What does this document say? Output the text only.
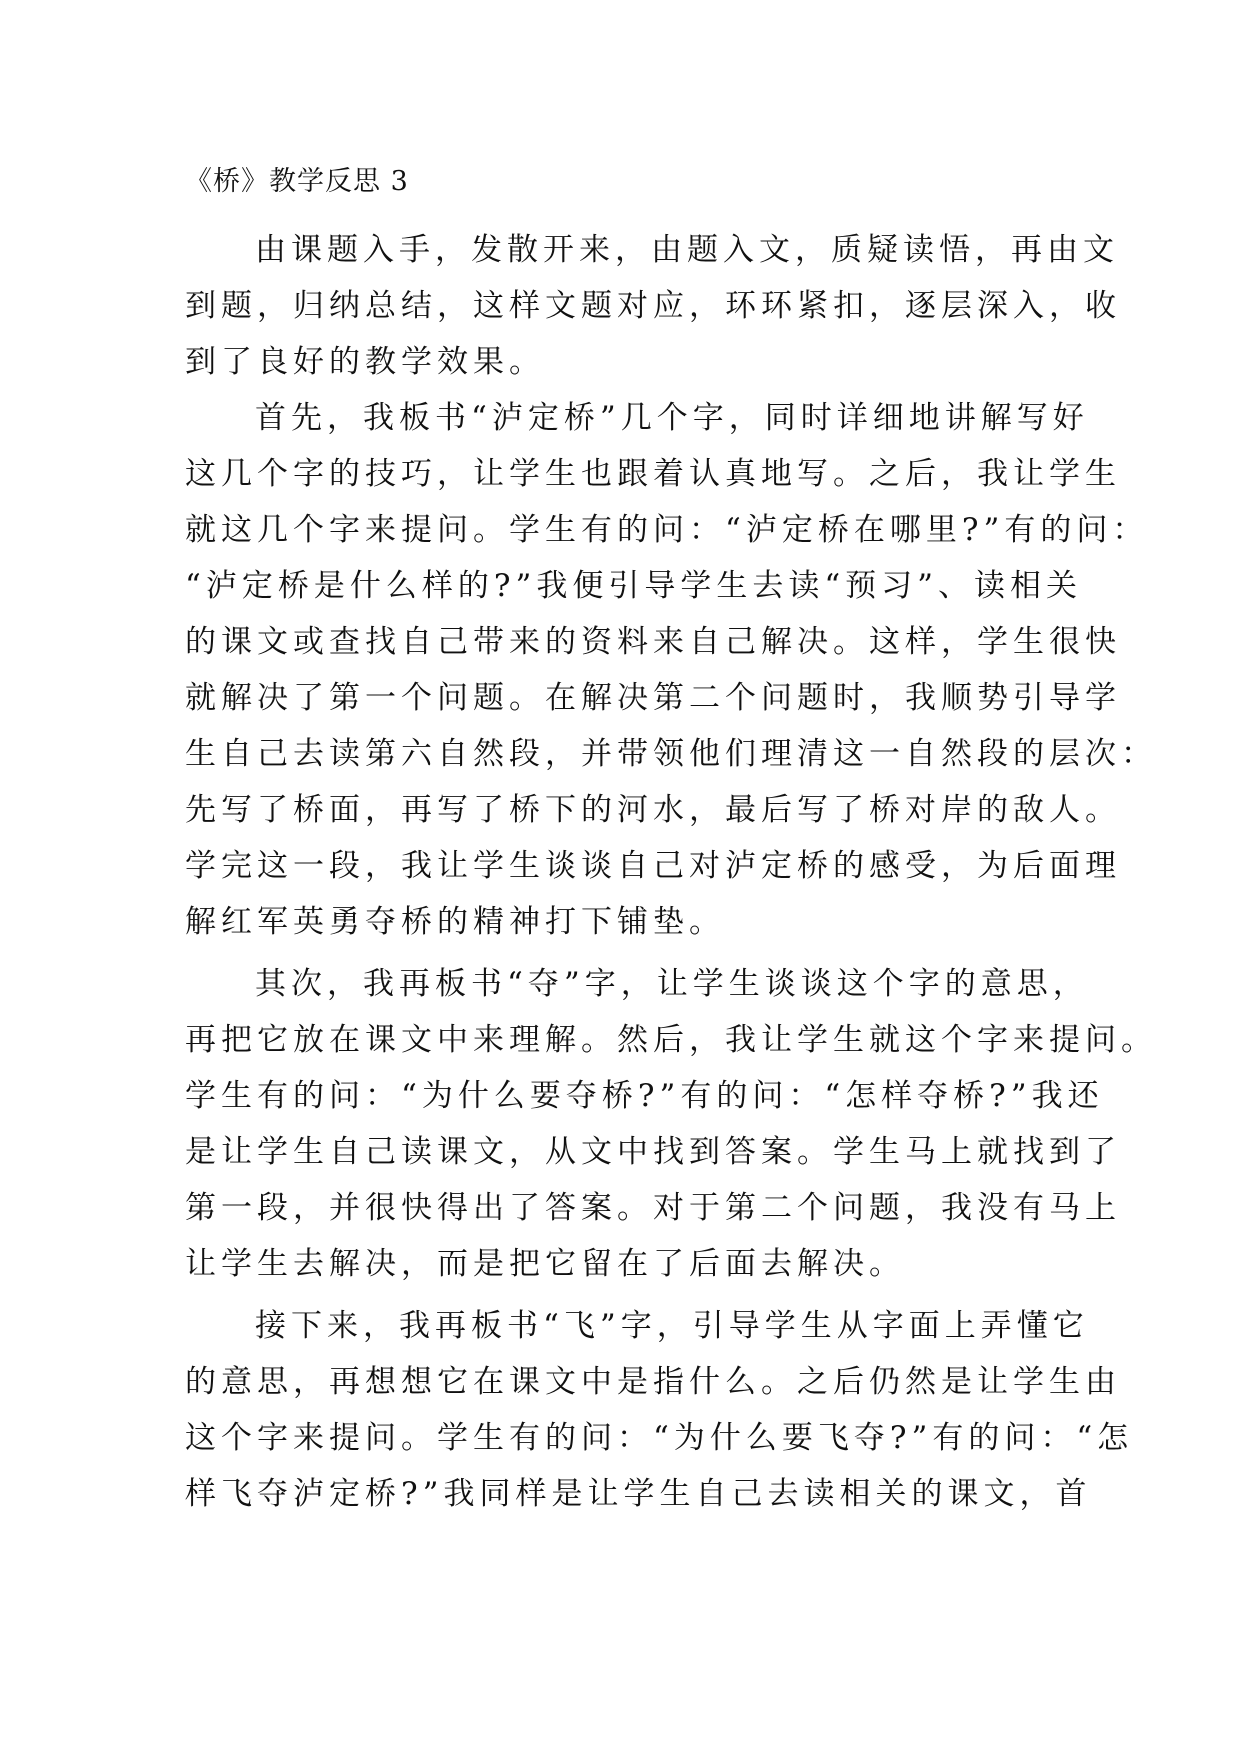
《桥》教学反思 3
由课题入手，发散开来，由题入文，质疑读悟，再由文
到题，归纳总结，这样文题对应，环环紧扣，逐层深入，收
到了良好的教学效果。
首先，我板书“泸定桥”几个字，同时详细地讲解写好
这几个字的技巧，让学生也跟着认真地写。之后，我让学生
就这几个字来提问。学生有的问：“泸定桥在哪里?”有的问：
“泸定桥是什么样的?”我便引导学生去读“预习”、读相关
的课文或查找自己带来的资料来自己解决。这样，学生很快
就解决了第一个问题。在解决第二个问题时，我顺势引导学
生自己去读第六自然段，并带领他们理清这一自然段的层次：
先写了桥面，再写了桥下的河水，最后写了桥对岸的敌人。
学完这一段，我让学生谈谈自己对泸定桥的感受，为后面理
解红军英勇夺桥的精神打下铺垫。
其次，我再板书“夺”字，让学生谈谈这个字的意思，
再把它放在课文中来理解。然后，我让学生就这个字来提问。
学生有的问：“为什么要夺桥?”有的问：“怎样夺桥?”我还
是让学生自己读课文，从文中找到答案。学生马上就找到了
第一段，并很快得出了答案。对于第二个问题，我没有马上
让学生去解决，而是把它留在了后面去解决。
接下来，我再板书“飞”字，引导学生从字面上弄懂它
的意思，再想想它在课文中是指什么。之后仍然是让学生由
这个字来提问。学生有的问：“为什么要飞夺?”有的问：“怎
样飞夺泸定桥?”我同样是让学生自己去读相关的课文，首
